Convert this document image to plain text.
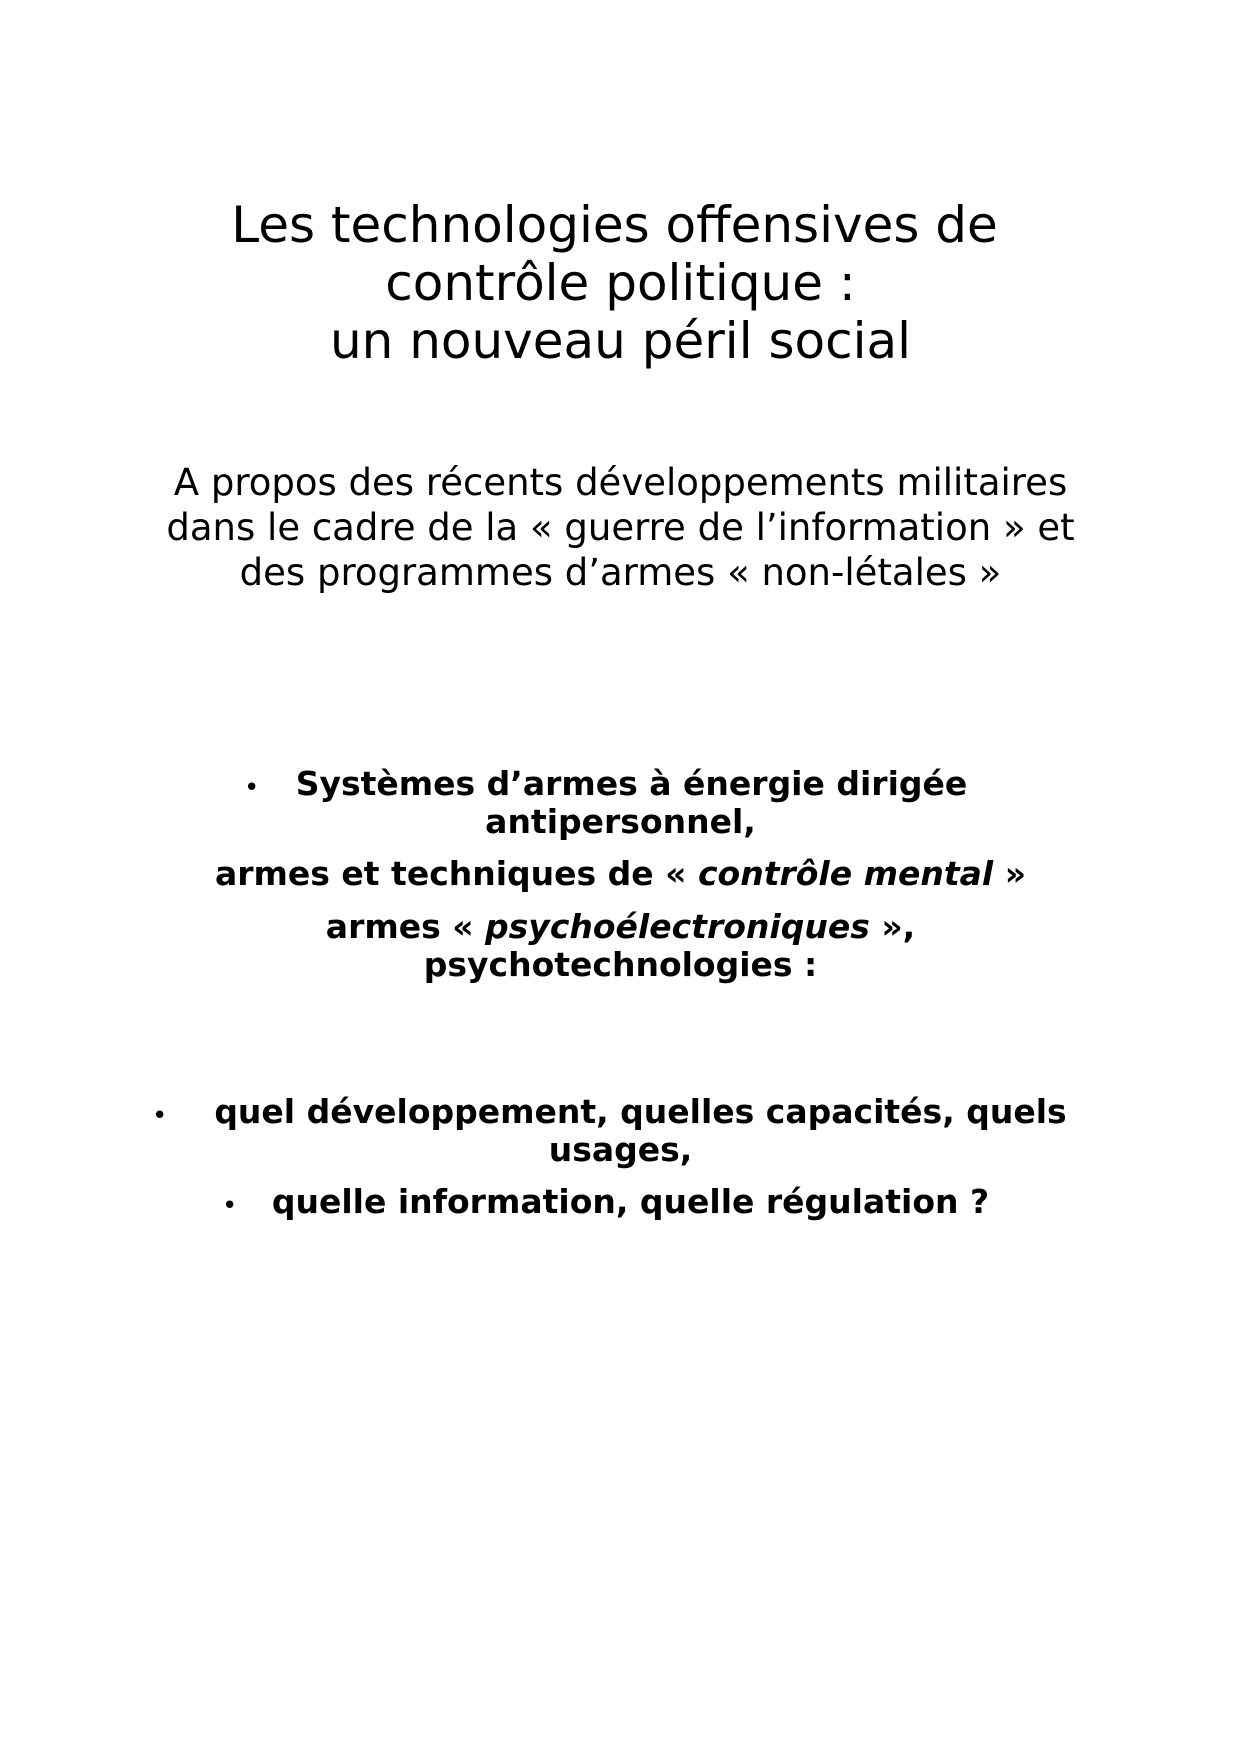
Les technologies offensives de
contrôle politique :
un nouveau péril social

A propos des récents développements militaires
dans le cadre de la « guerre de l’information » et
des programmes d’armes « non-létales »

Systèmes d’armes à énergie dirigée
antipersonnel,
•
armes et techniques de « contrôle mental »
armes « psychoélectroniques »,
psychotechnologies :
quel développement, quelles capacités, quels
usages,
•
quelle information, quelle régulation ?
•
